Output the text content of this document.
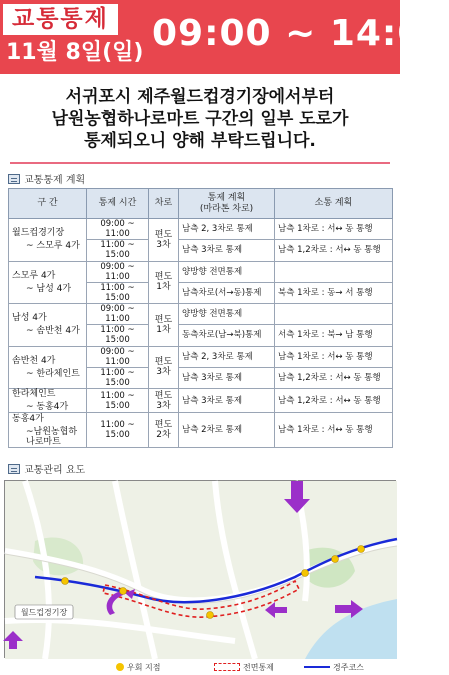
교통통제
11월 8일(일) 09:00 ~ 14:00
서귀포시 제주월드컵경기장에서부터
남원농협하나로마트 구간의 일부 도로가
통제되오니 양해 부탁드립니다.
교통통제 계획
구 간	통제 시간	차로	통제 계획
(마라톤 차로)	소통 계획

월드컵경기장
~ 스모루 4가	09:00 ~ 11:00	편도 3차	남측 2, 3차로 통제	남측 1차로 : 서↔ 동 통행
	11:00 ~ 15:00		남측 3차로 통제	남측 1,2차로 : 서↔ 동 통행

스모루 4가
~ 남성 4가	09:00 ~ 11:00	편도 1차	양방향 전면통제	
	11:00 ~ 15:00		남측차로(서→동)통제	북측 1차로 : 동→ 서 통행

남성 4가
~ 솜반천 4가	09:00 ~ 11:00	편도 1차	양방향 전면통제	
	11:00 ~ 15:00		동측차로(남→북)통제	서측 1차로 : 북→ 남 통행

솜반천 4가
~ 한라체인트	09:00 ~ 11:00	편도 3차	남측 2, 3차로 통제	남측 1차로 : 서↔ 동 통행
	11:00 ~ 15:00		남측 3차로 통제	남측 1,2차로 : 서↔ 동 통행

한라체인트
~ 동홍4가	11:00 ~ 15:00	편도 3차	남측 3차로 통제	남측 1,2차로 : 서↔ 동 통행

동홍4가
~남원농협하나로마트	11:00 ~ 15:00	편도 2차	남측 2차로 통제	남측 1차로 : 서↔ 동 통행
교통관리 요도
월드컵경기장
우회 지점	전면통제	경주코스
